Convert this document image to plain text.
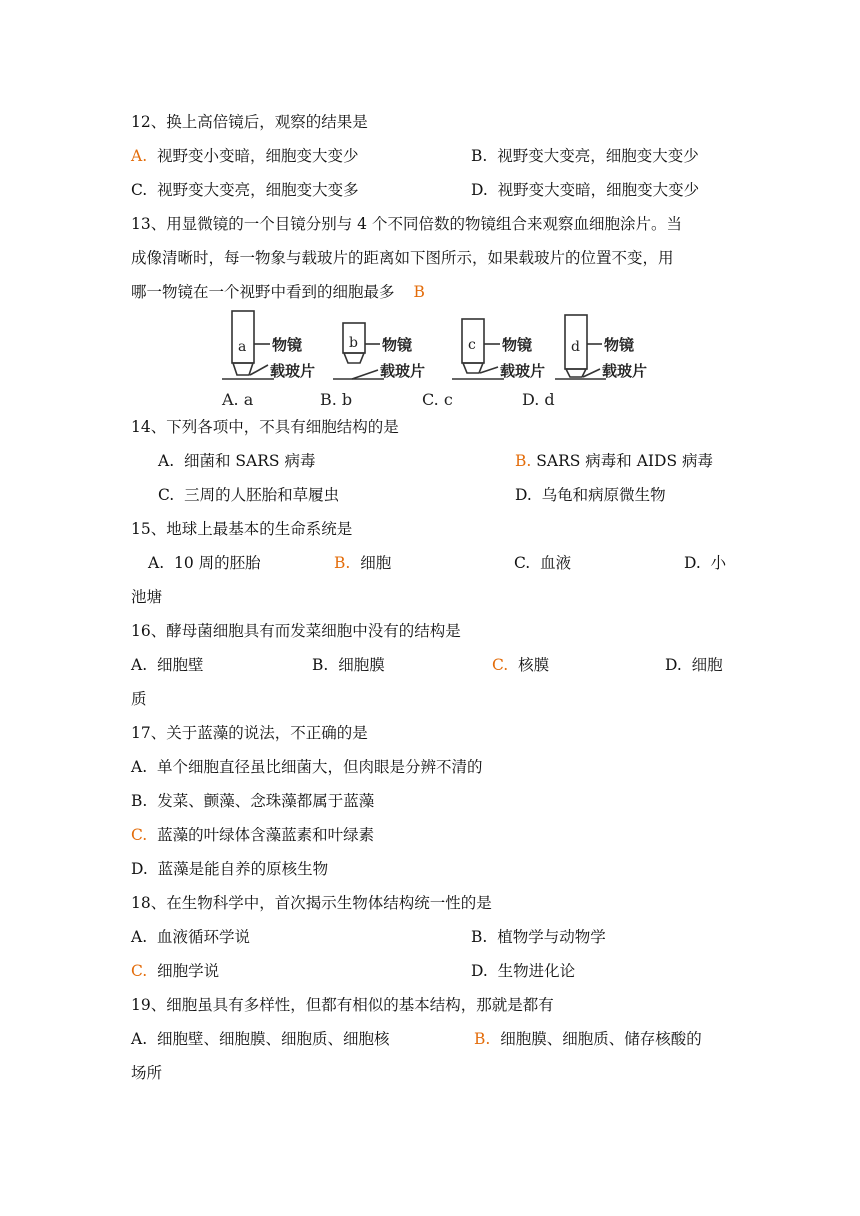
12、换上高倍镜后，观察的结果是
A. 视野变小变暗，细胞变大变少	B. 视野变大变亮，细胞变大变少
C. 视野变大变亮，细胞变大变多	D. 视野变大变暗，细胞变大变少
13、用显微镜的一个目镜分别与 4 个不同倍数的物镜组合来观察血细胞涂片。当
成像清晰时，每一物象与载玻片的距离如下图所示，如果载玻片的位置不变，用
哪一物镜在一个视野中看到的细胞最多 B
a	b	c	d
物镜
载玻片
物镜
载玻片
物镜
载玻片
物镜
载玻片
A. a	B. b	C. c	D. d
14、下列各项中，不具有细胞结构的是
A. 细菌和 SARS 病毒	B. SARS 病毒和 AIDS 病毒
C. 三周的人胚胎和草履虫	D. 乌龟和病原微生物
15、地球上最基本的生命系统是
A. 10 周的胚胎	B. 细胞	C. 血液	D. 小
池塘
16、酵母菌细胞具有而发菜细胞中没有的结构是
A. 细胞壁	B. 细胞膜	C. 核膜	D. 细胞
质
17、关于蓝藻的说法，不正确的是
A. 单个细胞直径虽比细菌大，但肉眼是分辨不清的
B. 发菜、颤藻、念珠藻都属于蓝藻
C. 蓝藻的叶绿体含藻蓝素和叶绿素
D. 蓝藻是能自养的原核生物
18、在生物科学中，首次揭示生物体结构统一性的是
A. 血液循环学说	B. 植物学与动物学
C. 细胞学说	D. 生物进化论
19、细胞虽具有多样性，但都有相似的基本结构，那就是都有
A. 细胞壁、细胞膜、细胞质、细胞核	B. 细胞膜、细胞质、储存核酸的
场所
